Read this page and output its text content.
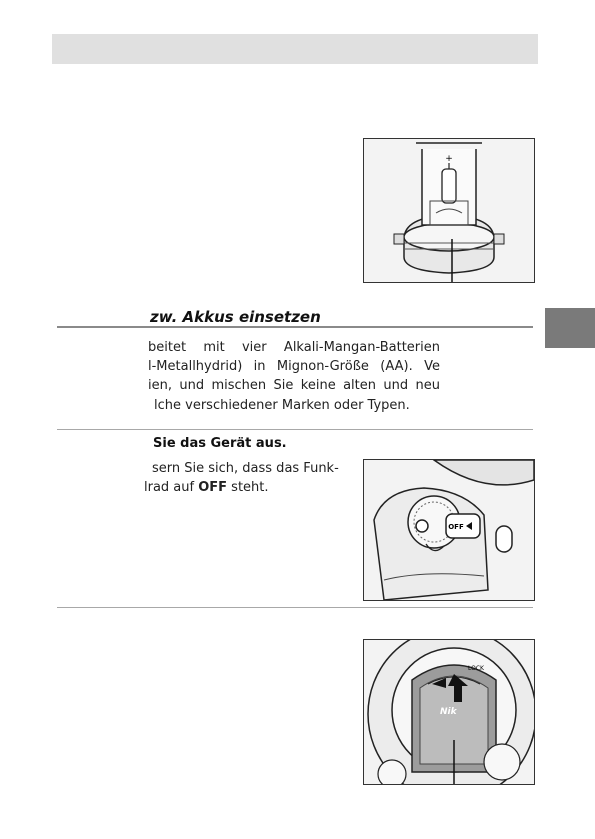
+
zw. Akkus einsetzen
beitet mit vier Alkali-Mangan-Batterien
l-Metallhydrid) in Mignon-Größe (AA). Ve
ien, und mischen Sie keine alten und neu
lche verschiedener Marken oder Typen.
Sie das Gerät aus.
sern Sie sich, dass das Funk-
lrad auf OFF steht.
OFF
LOCK
Nik
